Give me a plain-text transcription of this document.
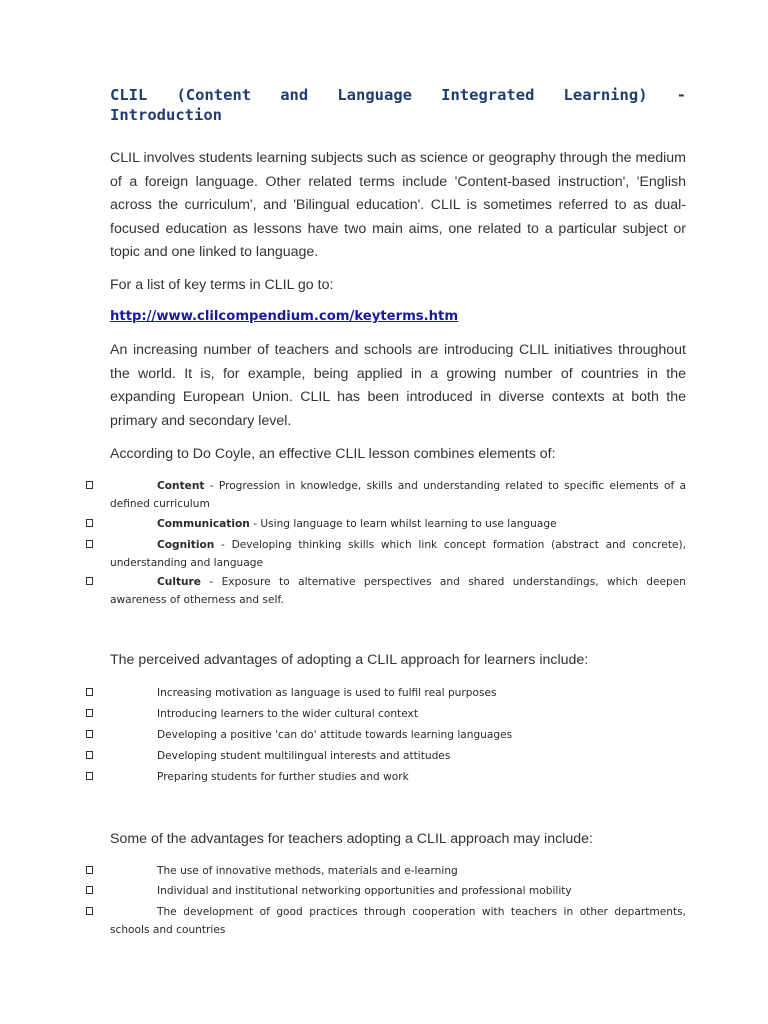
CLIL (Content and Language Integrated Learning) - Introduction

CLIL involves students learning subjects such as science or geography through the medium of a foreign language. Other related terms include 'Content-based instruction', 'English across the curriculum', and 'Bilingual education'. CLIL is sometimes referred to as dual-focused education as lessons have two main aims, one related to a particular subject or topic and one linked to language.

For a list of key terms in CLIL go to:

http://www.clilcompendium.com/keyterms.htm

An increasing number of teachers and schools are introducing CLIL initiatives throughout the world. It is, for example, being applied in a growing number of countries in the expanding European Union. CLIL has been introduced in diverse contexts at both the primary and secondary level.

According to Do Coyle, an effective CLIL lesson combines elements of:

The perceived advantages of adopting a CLIL approach for learners include:

Some of the advantages for teachers adopting a CLIL approach may include:

Content - Progression in knowledge, skills and understanding related to specific elements of a defined curriculum
Communication - Using language to learn whilst learning to use language
Cognition - Developing thinking skills which link concept formation (abstract and concrete), understanding and language
Culture - Exposure to alternative perspectives and shared understandings, which deepen awareness of otherness and self.
Increasing motivation as language is used to fulfil real purposes
Introducing learners to the wider cultural context
Developing a positive 'can do' attitude towards learning languages
Developing student multilingual interests and attitudes
Preparing students for further studies and work
The use of innovative methods, materials and e-learning
Individual and institutional networking opportunities and professional mobility
The development of good practices through cooperation with teachers in other departments, schools and countries
